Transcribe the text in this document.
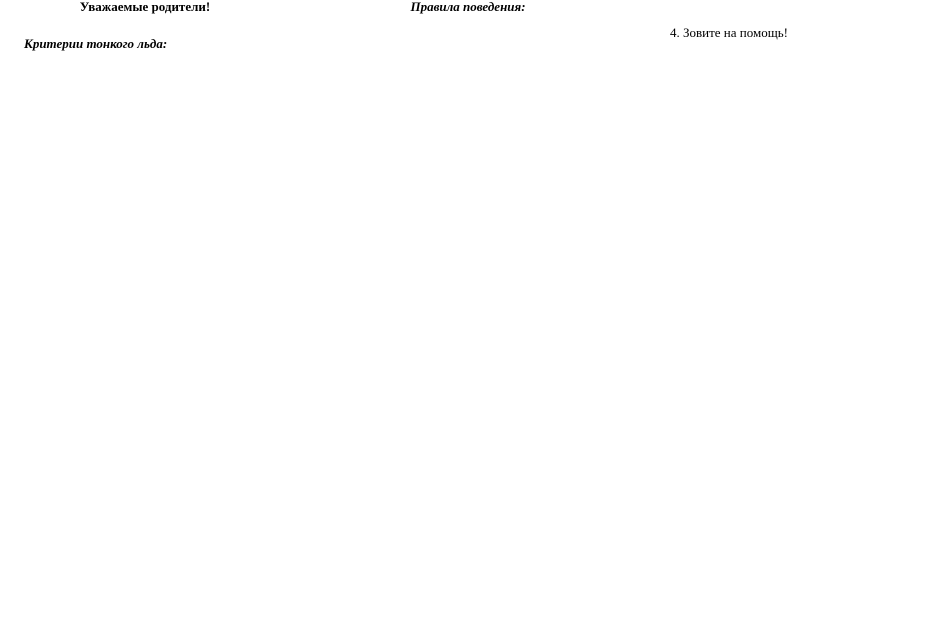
Уважаемые родители!

Критерии тонкого льда:

Правила поведения:

4. Зовите на помощь!
